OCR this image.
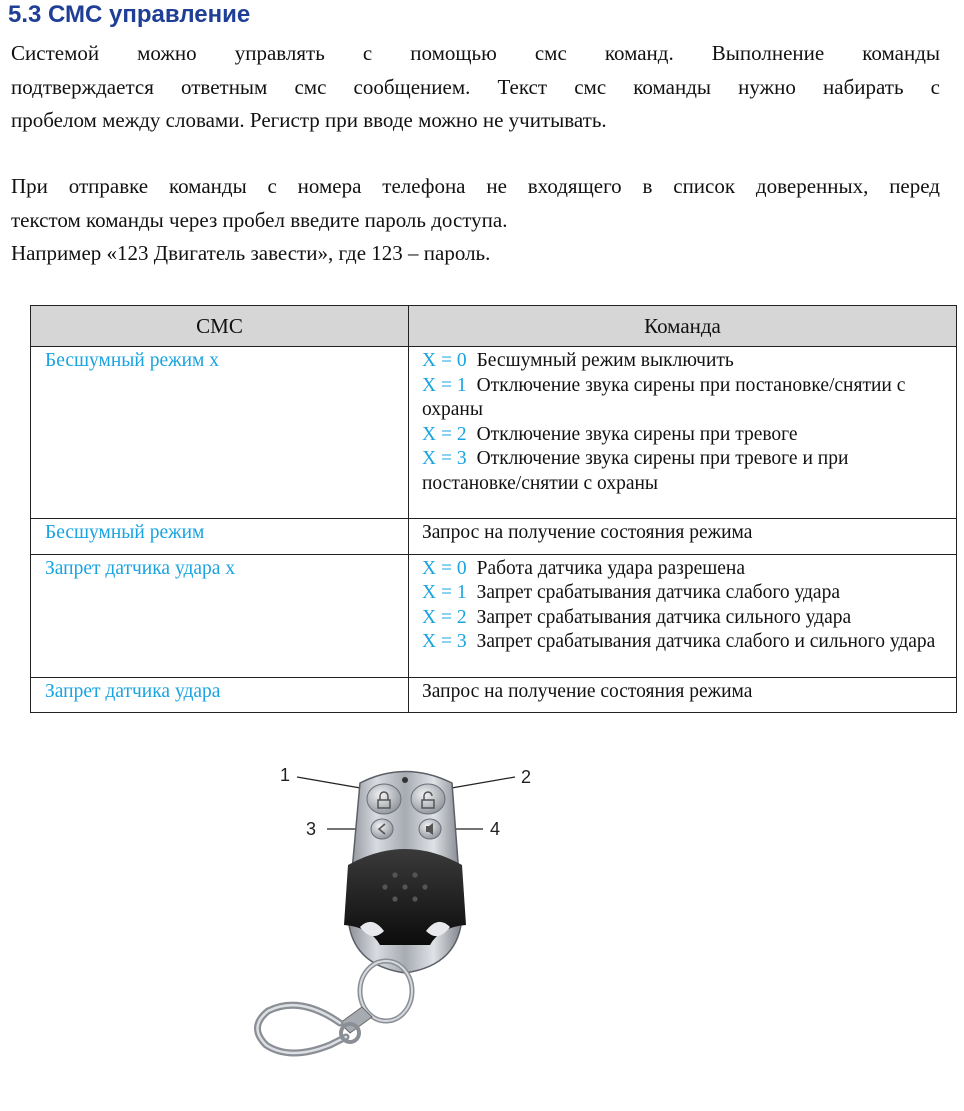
5.3 СМС управление

Системой можно управлять с помощью смс команд. Выполнение команды
подтверждается ответным смс сообщением. Текст смс команды нужно набирать с
пробелом между словами. Регистр при вводе можно не учитывать.

При отправке команды с номера телефона не входящего в список доверенных, перед
текстом команды через пробел введите пароль доступа.
Например «123 Двигатель завести», где 123 – пароль.

СМС	Команда
Бесшумный режим х	Х = 0 Бесшумный режим выключить
Х = 1 Отключение звука сирены при постановке/снятии с охраны
Х = 2 Отключение звука сирены при тревоге
Х = 3 Отключение звука сирены при тревоге и при постановке/снятии с охраны

Бесшумный режим	Запрос на получение состояния режима
Запрет датчика удара х	Х = 0 Работа датчика удара разрешена
Х = 1 Запрет срабатывания датчика слабого удара
Х = 2 Запрет срабатывания датчика сильного удара
Х = 3 Запрет срабатывания датчика слабого и сильного удара

Запрет датчика удара	Запрос на получение состояния режима
1	2
3	4
